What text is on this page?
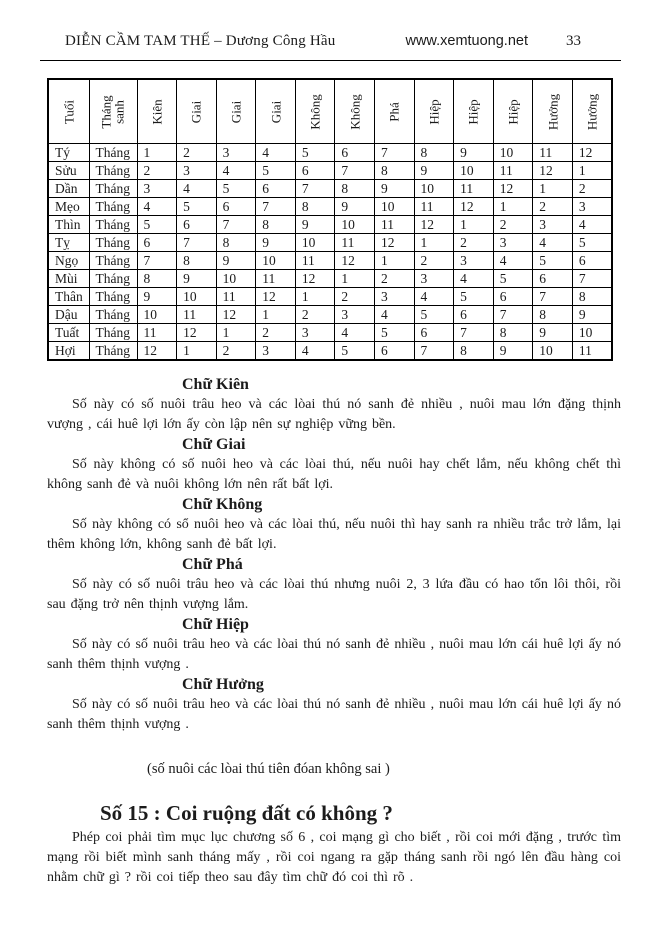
DIỄN CẦM TAM THẾ – Dương Công Hầu	www.xemtuong.net	33
Tuổi	Tháng sanh	Kiên	Giai	Giai	Giai	Không	Không	Phá	Hiệp	Hiệp	Hiệp	Hưởng	Hưởng

Tý	Tháng	1	2	3	4	5	6	7	8	9	10	11	12
Sửu	Tháng	2	3	4	5	6	7	8	9	10	11	12	1
Dần	Tháng	3	4	5	6	7	8	9	10	11	12	1	2
Mẹo	Tháng	4	5	6	7	8	9	10	11	12	1	2	3
Thìn	Tháng	5	6	7	8	9	10	11	12	1	2	3	4
Tỵ	Tháng	6	7	8	9	10	11	12	1	2	3	4	5
Ngọ	Tháng	7	8	9	10	11	12	1	2	3	4	5	6
Mùi	Tháng	8	9	10	11	12	1	2	3	4	5	6	7
Thân	Tháng	9	10	11	12	1	2	3	4	5	6	7	8
Dậu	Tháng	10	11	12	1	2	3	4	5	6	7	8	9
Tuất	Tháng	11	12	1	2	3	4	5	6	7	8	9	10
Hợi	Tháng	12	1	2	3	4	5	6	7	8	9	10	11
Chữ Kiên

Số này có số nuôi trâu heo và các lòai thú nó sanh đẻ nhiều , nuôi mau lớn đặng thịnh vượng , cái huê lợi lớn ấy còn lập nên sự nghiệp vững bền.

Chữ Giai

Số này không có số nuôi heo và các lòai thú, nếu nuôi hay chết lắm, nếu không chết thì không sanh đẻ và nuôi không lớn nên rất bất lợi.

Chữ Không

Số này không có sổ nuôi heo và các lòai thú, nếu nuôi thì hay sanh ra nhiều trắc trở lắm, lại thêm không lớn, không sanh đẻ bất lợi.

Chữ Phá

Số này có số nuôi trâu heo và các lòai thú nhưng nuôi 2, 3 lứa đầu có hao tổn lôi thôi, rồi sau đặng trở nên thịnh vượng lắm.

Chữ Hiệp

Số này có số nuôi trâu heo và các lòai thú nó sanh đẻ nhiều , nuôi mau lớn cái huê lợi ấy nó sanh thêm thịnh vượng .

Chữ Hưởng

Số này có số nuôi trâu heo và các lòai thú nó sanh đẻ nhiều , nuôi mau lớn cái huê lợi ấy nó sanh thêm thịnh vượng .

(số nuôi các lòai thú tiên đóan không sai )
Số 15 : Coi ruộng đất có không ?

Phép coi phải tìm mục lục chương số 6 , coi mạng gì cho biết , rồi coi mới đặng , trước tìm mạng rồi biết mình sanh tháng mấy , rồi coi ngang ra gặp tháng sanh rồi ngó lên đầu hàng coi nhằm chữ gì ? rồi coi tiếp theo sau đây tìm chữ đó coi thì rõ .
